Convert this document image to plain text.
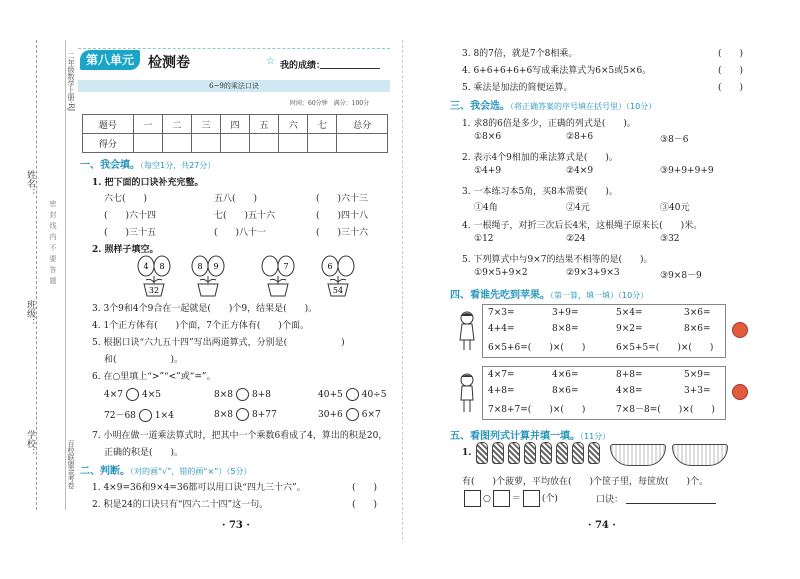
姓名：
班级：
学校：
密封线内不要答题
二年级数学上册·RJ
百校联盟金考卷
第八单元	检测卷	☆ 我的成绩：
6~9的乘法口诀
时间：60分钟　满分：100分
题号	一	二	三	四	五	六	七	总分
得分								
一、我会填。（每空1分，共27分）
1. 把下面的口诀补充完整。
六七(　　)	五八(　　)	(　　)六十三
(　　)六十四	七(　　)五十六	(　　)四十八
(　　)三十五	(　　)八十一	(　　)三十六
2. 照样子填空。
4 8
32
8 9	7	6
54
3. 3个9和4个9合在一起就是(　　)个9，结果是(　　)。
4. 1个正方体有(　　)个面，7个正方体有(　　)个面。
5. 根据口诀“六九五十四”写出两道算式，分别是(　　　　　　)
和(　　　　　　)。
6. 在○里填上“>”“<”或“=”。
4×7 4×5	8×8 8+8	40+5 40÷5
72－68 1×4	8×8 8+77	30+6 6×7
7. 小明在做一道乘法算式时，把其中一个乘数6看成了4，算出的积是20，
正确的积是(　　)。
二、判断。（对的画“√”，错的画“×”）（5分）
1. 4×9=36和9×4=36都可以用口诀“四九三十六”。	(　　)
2. 积是24的口诀只有“四六二十四”这一句。	(　　)
· 73 ·
3. 8的7倍，就是7个8相乘。	(　　)
4. 6+6+6+6+6写成乘法算式为6×5或5×6。	(　　)
5. 乘法是加法的简便运算。	(　　)
三、我会选。（将正确答案的序号填在括号里）（10分）
1. 求8的6倍是多少，正确的列式是(　　)。
①8×6	②8+6	③8－6
2. 表示4个9相加的乘法算式是(　　)。
①4+9	②4×9	③9+9+9+9
3. 一本练习本5角，买8本需要(　　)。
①4角	②4元	③40元
4. 一根绳子，对折三次后长4米，这根绳子原来长(　　)米。
①12	②24	③32
5. 下列算式中与9×7的结果不相等的是(　　)。
①9×5+9×2	②9×3+9×3	③9×8－9
四、看谁先吃到苹果。（第一算，填一填）（10分）
7×3=	3+9=	5×4=	3×6=
4+4=	8×8=	9×2=	8×6=
6×5+6=(　　)×(　　)	6×5+5=(　　)×(　　)
4×7=	4×6=	8+8=	5×9=
4+8=	8×6=	4×8=	3+3=
7×8+7=(　　)×(　　)	7×8－8=(　　)×(　　)
五、看图列式计算并填一填。（11分）
1.
有(　　)个菠萝，平均放在(　　)个筐子里，每筐放(　　)个。
○ ＝ (个)	口诀：
· 74 ·
